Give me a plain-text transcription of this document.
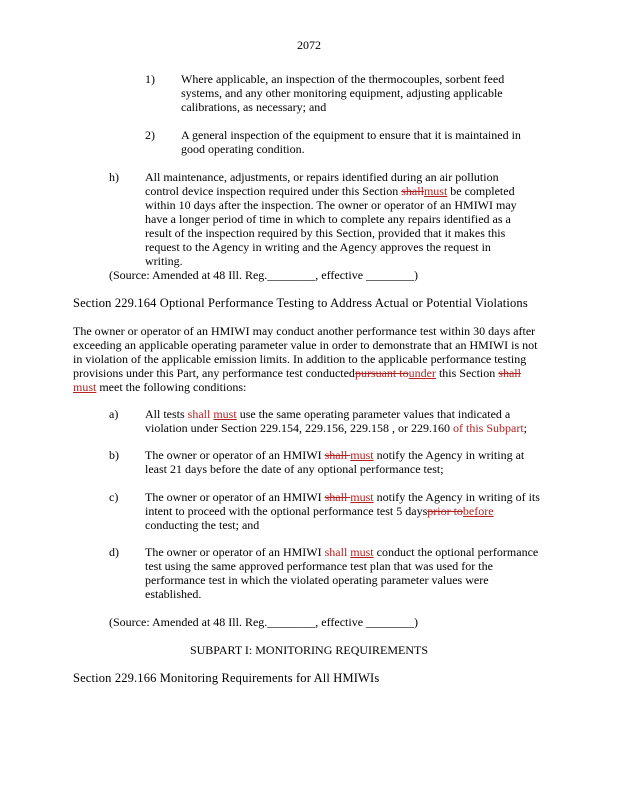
2072
1) Where applicable, an inspection of the thermocouples, sorbent feed systems, and any other monitoring equipment, adjusting applicable calibrations, as necessary; and
2) A general inspection of the equipment to ensure that it is maintained in good operating condition.
h) All maintenance, adjustments, or repairs identified during an air pollution control device inspection required under this Section shallmust be completed within 10 days after the inspection. The owner or operator of an HMIWI may have a longer period of time in which to complete any repairs identified as a result of the inspection required by this Section, provided that it makes this request to the Agency in writing and the Agency approves the request in writing.
(Source: Amended at 48 Ill. Reg.________, effective ________)
Section 229.164 Optional Performance Testing to Address Actual or Potential Violations
The owner or operator of an HMIWI may conduct another performance test within 30 days after exceeding an applicable operating parameter value in order to demonstrate that an HMIWI is not in violation of the applicable emission limits. In addition to the applicable performance testing provisions under this Part, any performance test conductedpursuant tounder this Section shall
must meet the following conditions:
a) All tests shall must use the same operating parameter values that indicated a violation under Section 229.154, 229.156, 229.158 , or 229.160 of this Subpart;
b) The owner or operator of an HMIWI shall must notify the Agency in writing at least 21 days before the date of any optional performance test;
c) The owner or operator of an HMIWI shall must notify the Agency in writing of its intent to proceed with the optional performance test 5 daysprior tobefore
conducting the test; and
d) The owner or operator of an HMIWI shall must conduct the optional performance test using the same approved performance test plan that was used for the performance test in which the violated operating parameter values were established.
(Source: Amended at 48 Ill. Reg.________, effective ________)
SUBPART I: MONITORING REQUIREMENTS
Section 229.166 Monitoring Requirements for All HMIWIs
